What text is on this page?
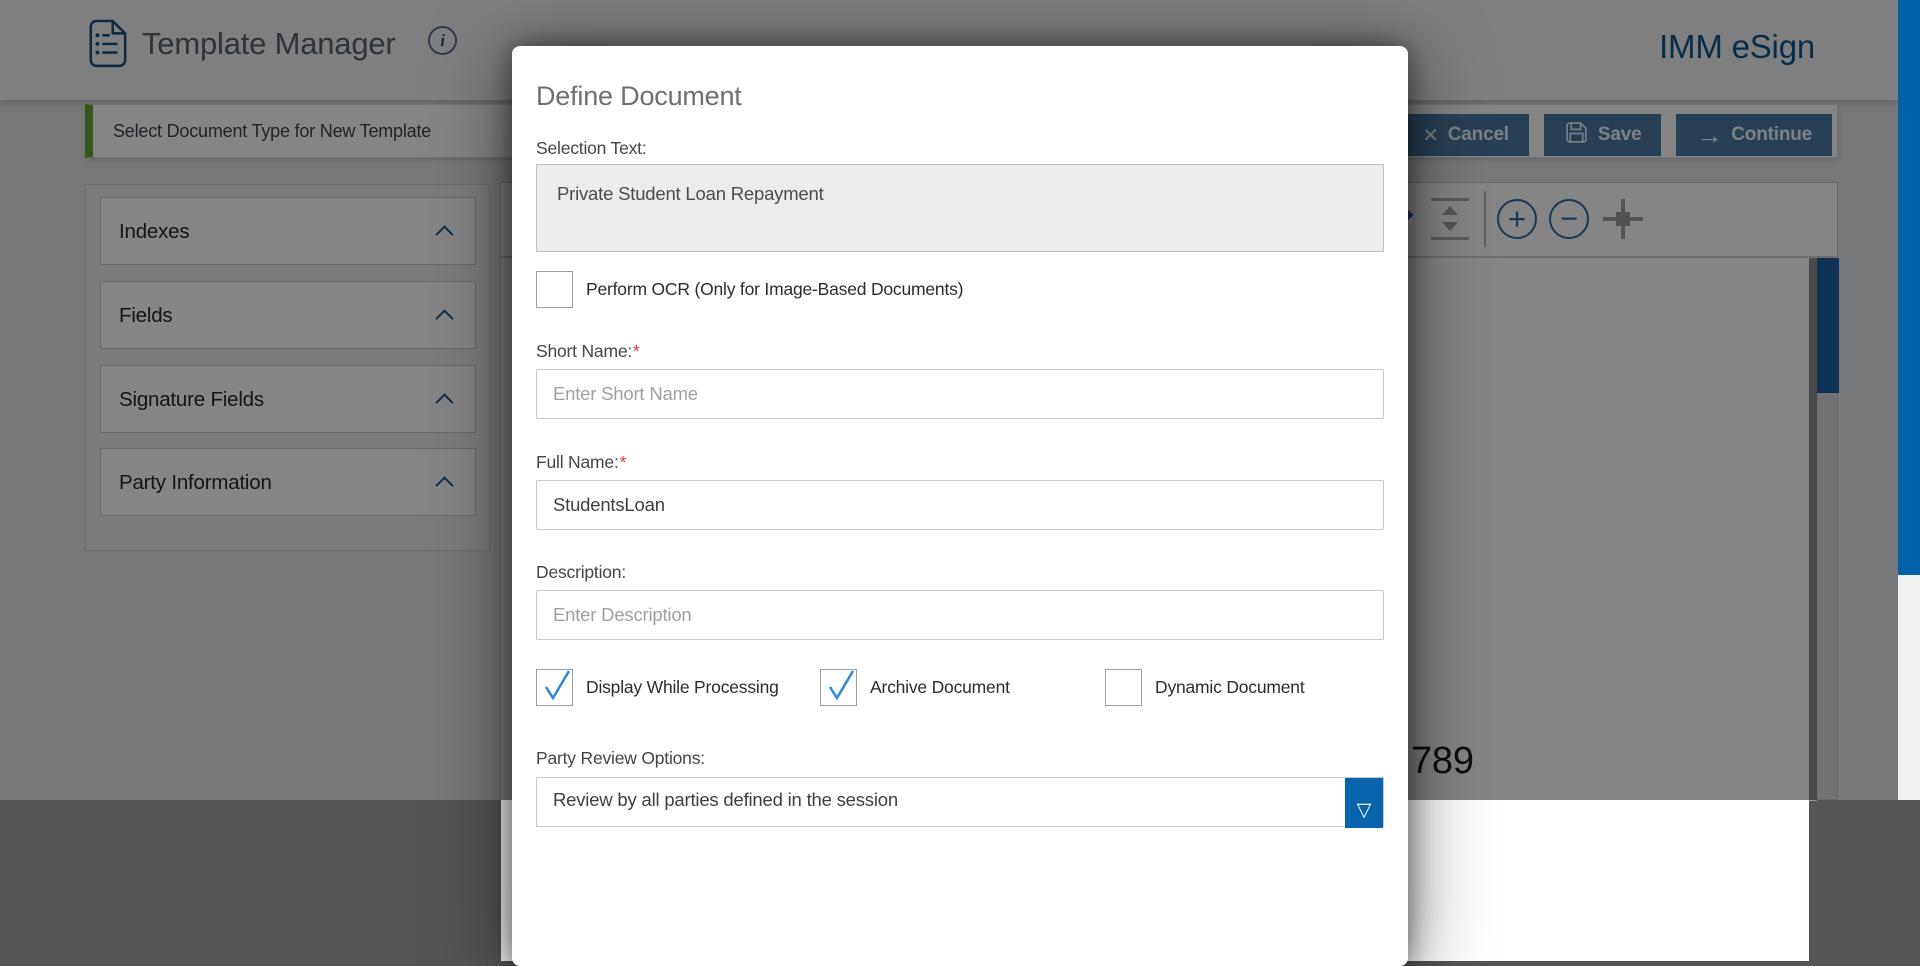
Template Manager	i	IMM eSign
Select Document Type for New Template	✕ Cancel	Save → Continue
Indexes
Fields
Signature Fields
Party Information
+	−
789
Define Document
Selection Text:
Private Student Loan Repayment
Perform OCR (Only for Image-Based Documents)
Short Name:*
Enter Short Name
Full Name:*
StudentsLoan
Description:
Enter Description
Display While Processing	Archive Document	Dynamic Document
Party Review Options:
Review by all parties defined in the session
▽
